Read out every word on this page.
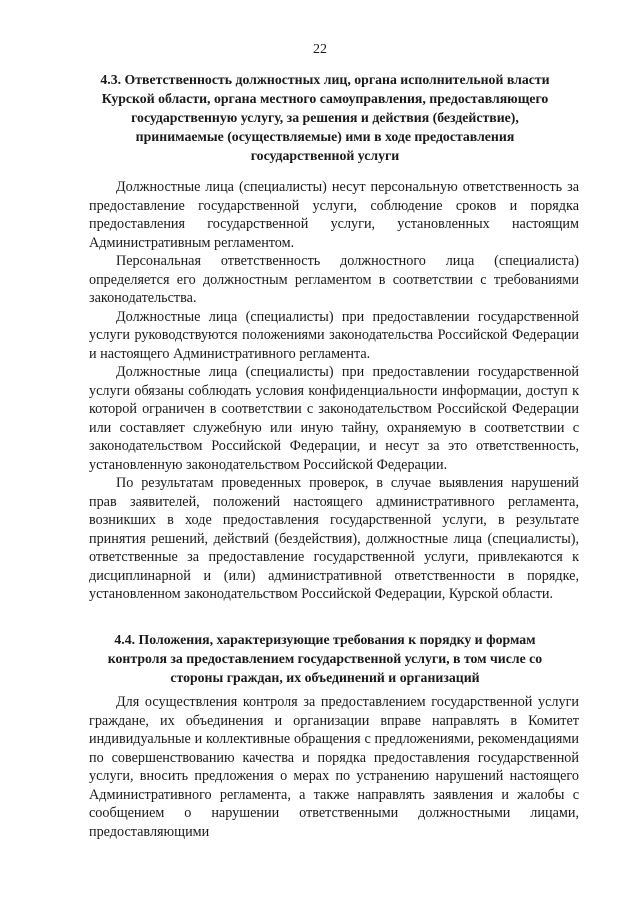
22
4.3. Ответственность должностных лиц, органа исполнительной власти Курской области, органа местного самоуправления, предоставляющего государственную услугу, за решения и действия (бездействие), принимаемые (осуществляемые) ими в ходе предоставления государственной услуги

Должностные лица (специалисты) несут персональную ответственность за предоставление государственной услуги, соблюдение сроков и порядка предоставления государственной услуги, установленных настоящим Административным регламентом.

Персональная ответственность должностного лица (специалиста) определяется его должностным регламентом в соответствии с требованиями законодательства.

Должностные лица (специалисты) при предоставлении государственной услуги руководствуются положениями законодательства Российской Федерации и настоящего Административного регламента.

Должностные лица (специалисты) при предоставлении государственной услуги обязаны соблюдать условия конфиденциальности информации, доступ к которой ограничен в соответствии с законодательством Российской Федерации или составляет служебную или иную тайну, охраняемую в соответствии с законодательством Российской Федерации, и несут за это ответственность, установленную законодательством Российской Федерации.

По результатам проведенных проверок, в случае выявления нарушений прав заявителей, положений настоящего административного регламента, возникших в ходе предоставления государственной услуги, в результате принятия решений, действий (бездействия), должностные лица (специалисты), ответственные за предоставление государственной услуги, привлекаются к дисциплинарной и (или) административной ответственности в порядке, установленном законодательством Российской Федерации, Курской области.

4.4. Положения, характеризующие требования к порядку и формам контроля за предоставлением государственной услуги, в том числе со стороны граждан, их объединений и организаций

Для осуществления контроля за предоставлением государственной услуги граждане, их объединения и организации вправе направлять в Комитет индивидуальные и коллективные обращения с предложениями, рекомендациями по совершенствованию качества и порядка предоставления государственной услуги, вносить предложения о мерах по устранению нарушений настоящего Административного регламента, а также направлять заявления и жалобы с сообщением о нарушении ответственными должностными лицами, предоставляющими
